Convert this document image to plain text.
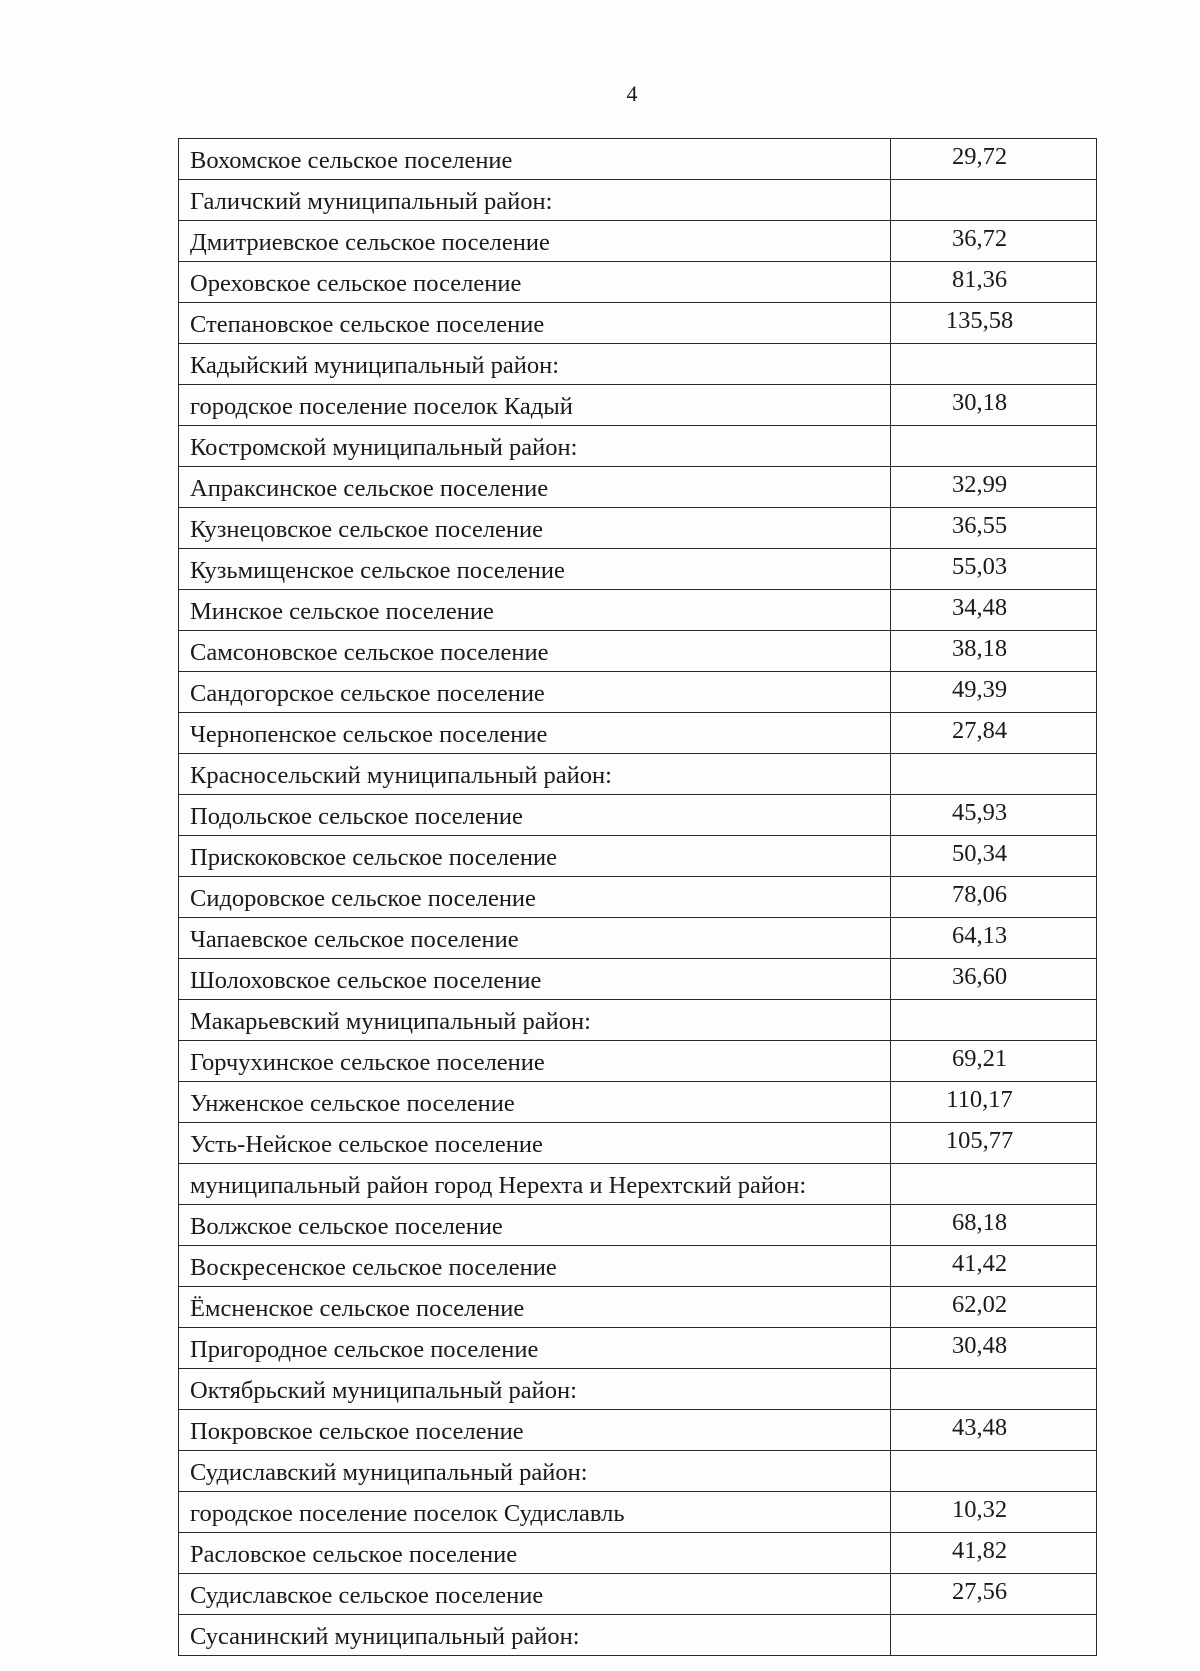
4
Вохомское сельское поселение	29,72
Галичский муниципальный район:	
Дмитриевское сельское поселение	36,72
Ореховское сельское поселение	81,36
Степановское сельское поселение	135,58
Кадыйский муниципальный район:	
городское поселение поселок Кадый	30,18
Костромской муниципальный район:	
Апраксинское сельское поселение	32,99
Кузнецовское сельское поселение	36,55
Кузьмищенское сельское поселение	55,03
Минское сельское поселение	34,48
Самсоновское сельское поселение	38,18
Сандогорское сельское поселение	49,39
Чернопенское сельское поселение	27,84
Красносельский муниципальный район:	
Подольское сельское поселение	45,93
Прискоковское сельское поселение	50,34
Сидоровское сельское поселение	78,06
Чапаевское сельское поселение	64,13
Шолоховское сельское поселение	36,60
Макарьевский муниципальный район:	
Горчухинское сельское поселение	69,21
Унженское сельское поселение	110,17
Усть-Нейское сельское поселение	105,77
муниципальный район город Нерехта и Нерехтский район:	
Волжское сельское поселение	68,18
Воскресенское сельское поселение	41,42
Ёмсненское сельское поселение	62,02
Пригородное сельское поселение	30,48
Октябрьский муниципальный район:	
Покровское сельское поселение	43,48
Судиславский муниципальный район:	
городское поселение поселок Судиславль	10,32
Расловское сельское поселение	41,82
Судиславское сельское поселение	27,56
Сусанинский муниципальный район:	
